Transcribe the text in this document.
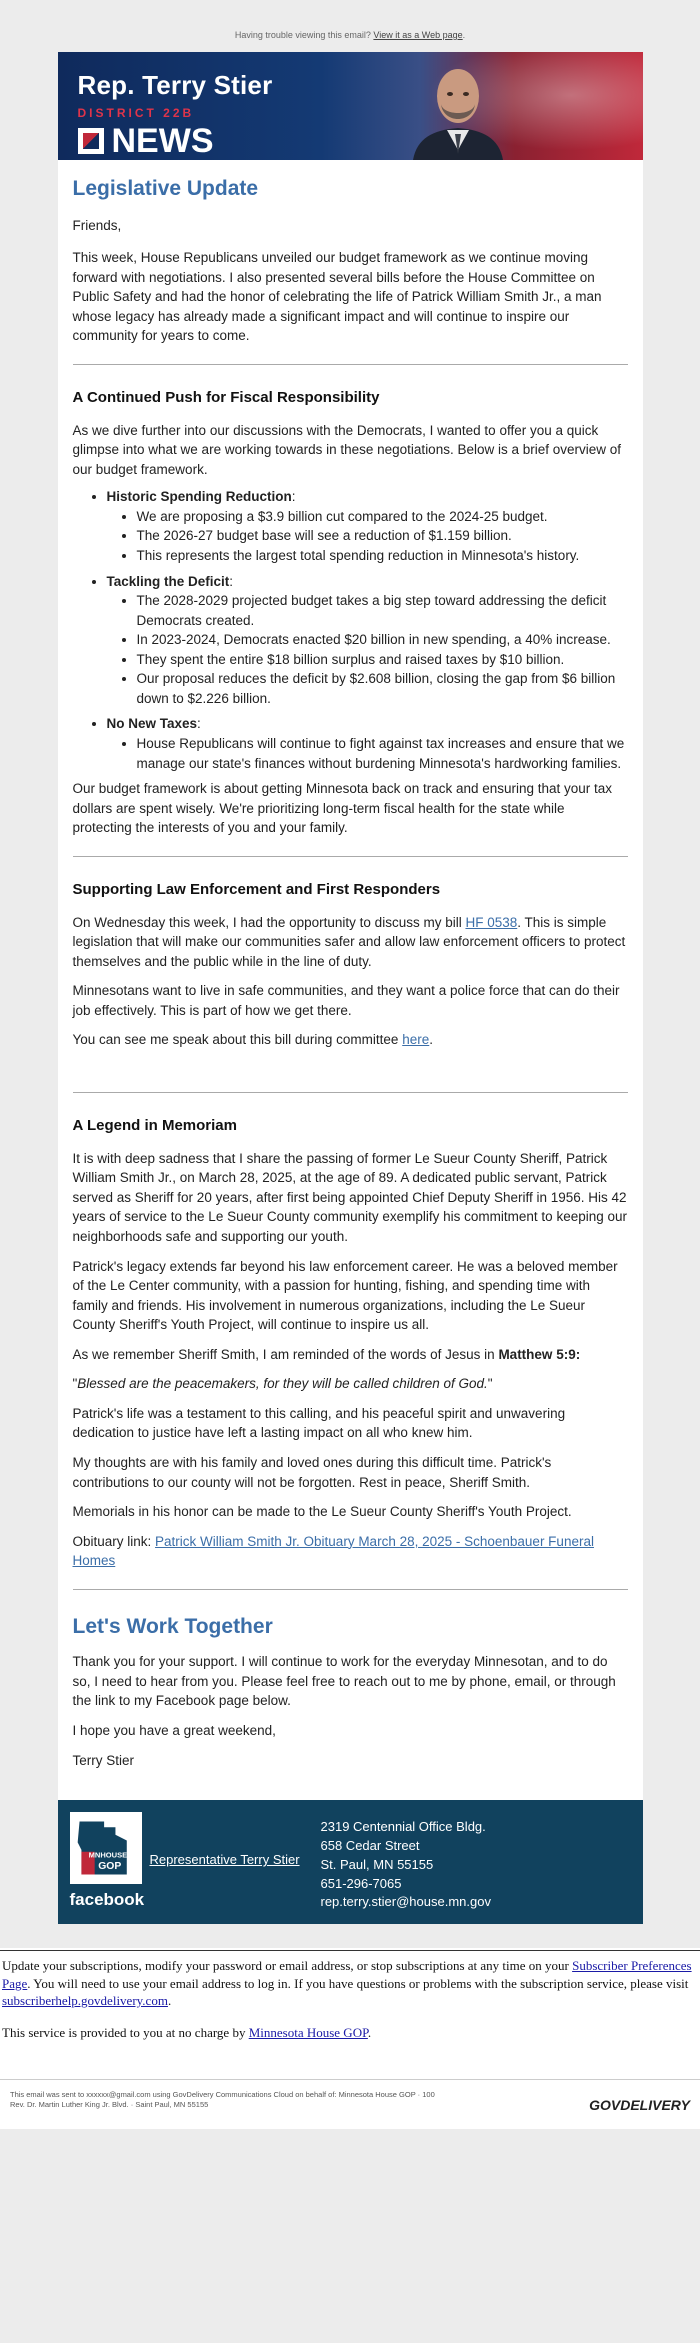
Having trouble viewing this email? View it as a Web page.
Rep. Terry Stier
DISTRICT 22B
NEWS
Legislative Update

Friends,

This week, House Republicans unveiled our budget framework as we continue moving forward with negotiations. I also presented several bills before the House Committee on Public Safety and had the honor of celebrating the life of Patrick William Smith Jr., a man whose legacy has already made a significant impact and will continue to inspire our community for years to come.

A Continued Push for Fiscal Responsibility

As we dive further into our discussions with the Democrats, I wanted to offer you a quick glimpse into what we are working towards in these negotiations. Below is a brief overview of our budget framework.

• Historic Spending Reduction:
• We are proposing a $3.9 billion cut compared to the 2024-25 budget.
• The 2026-27 budget base will see a reduction of $1.159 billion.
• This represents the largest total spending reduction in Minnesota's history.
• Tackling the Deficit:
• The 2028-2029 projected budget takes a big step toward addressing the deficit Democrats created.
• In 2023-2024, Democrats enacted $20 billion in new spending, a 40% increase.
• They spent the entire $18 billion surplus and raised taxes by $10 billion.
• Our proposal reduces the deficit by $2.608 billion, closing the gap from $6 billion down to $2.226 billion.
• No New Taxes:
• House Republicans will continue to fight against tax increases and ensure that we manage our state's finances without burdening Minnesota's hardworking families.

Our budget framework is about getting Minnesota back on track and ensuring that your tax dollars are spent wisely. We're prioritizing long-term fiscal health for the state while protecting the interests of you and your family.

Supporting Law Enforcement and First Responders

On Wednesday this week, I had the opportunity to discuss my bill HF 0538. This is simple legislation that will make our communities safer and allow law enforcement officers to protect themselves and the public while in the line of duty.

Minnesotans want to live in safe communities, and they want a police force that can do their job effectively. This is part of how we get there.

You can see me speak about this bill during committee here.

A Legend in Memoriam

It is with deep sadness that I share the passing of former Le Sueur County Sheriff, Patrick William Smith Jr., on March 28, 2025, at the age of 89. A dedicated public servant, Patrick served as Sheriff for 20 years, after first being appointed Chief Deputy Sheriff in 1956. His 42 years of service to the Le Sueur County community exemplify his commitment to keeping our neighborhoods safe and supporting our youth.

Patrick's legacy extends far beyond his law enforcement career. He was a beloved member of the Le Center community, with a passion for hunting, fishing, and spending time with family and friends. His involvement in numerous organizations, including the Le Sueur County Sheriff's Youth Project, will continue to inspire us all.

As we remember Sheriff Smith, I am reminded of the words of Jesus in Matthew 5:9:

"Blessed are the peacemakers, for they will be called children of God."

Patrick's life was a testament to this calling, and his peaceful spirit and unwavering dedication to justice have left a lasting impact on all who knew him.

My thoughts are with his family and loved ones during this difficult time. Patrick's contributions to our county will not be forgotten. Rest in peace, Sheriff Smith.

Memorials in his honor can be made to the Le Sueur County Sheriff's Youth Project.

Obituary link: Patrick William Smith Jr. Obituary March 28, 2025 - Schoenbauer Funeral Homes

Let's Work Together

Thank you for your support. I will continue to work for the everyday Minnesotan, and to do so, I need to hear from you. Please feel free to reach out to me by phone, email, or through the link to my Facebook page below.

I hope you have a great weekend,

Terry Stier

MNHOUSE
GOP
facebook
Representative Terry Stier
2319 Centennial Office Bldg.
658 Cedar Street
St. Paul, MN 55155
651-296-7065
rep.terry.stier@house.mn.gov

Update your subscriptions, modify your password or email address, or stop subscriptions at any time on your Subscriber Preferences Page. You will need to use your email address to log in. If you have questions or problems with the subscription service, please visit subscriberhelp.govdelivery.com.

This service is provided to you at no charge by Minnesota House GOP.

This email was sent to xxxxxx@gmail.com using GovDelivery Communications Cloud on behalf of: Minnesota House GOP · 100
Rev. Dr. Martin Luther King Jr. Blvd. · Saint Paul, MN 55155	GOVDELIVERY
